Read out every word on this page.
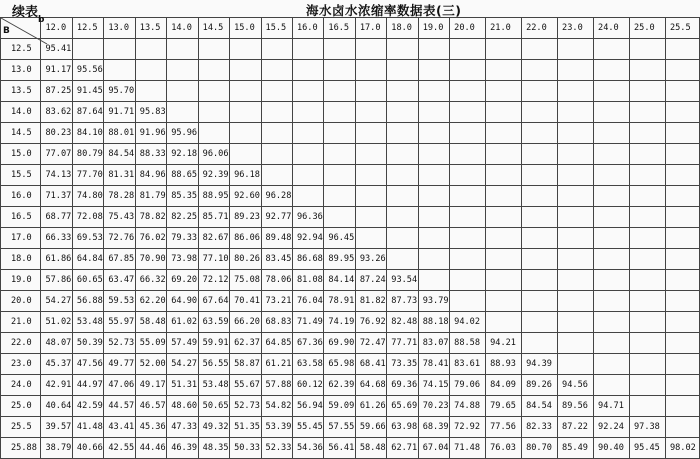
续表	海水卤水浓缩率数据表(三)
b
B	12.0	12.5	13.0	13.5	14.0	14.5	15.0	15.5	16.0	16.5	17.0	18.0	19.0	20.0	21.0	22.0	23.0	24.0	25.0	25.5
12.5	95.41																			
13.0	91.17	95.56																		
13.5	87.25	91.45	95.70																	
14.0	83.62	87.64	91.71	95.83																
14.5	80.23	84.10	88.01	91.96	95.96															
15.0	77.07	80.79	84.54	88.33	92.18	96.06														
15.5	74.13	77.70	81.31	84.96	88.65	92.39	96.18													
16.0	71.37	74.80	78.28	81.79	85.35	88.95	92.60	96.28												
16.5	68.77	72.08	75.43	78.82	82.25	85.71	89.23	92.77	96.36											
17.0	66.33	69.53	72.76	76.02	79.33	82.67	86.06	89.48	92.94	96.45										
18.0	61.86	64.84	67.85	70.90	73.98	77.10	80.26	83.45	86.68	89.95	93.26									
19.0	57.86	60.65	63.47	66.32	69.20	72.12	75.08	78.06	81.08	84.14	87.24	93.54								
20.0	54.27	56.88	59.53	62.20	64.90	67.64	70.41	73.21	76.04	78.91	81.82	87.73	93.79							
21.0	51.02	53.48	55.97	58.48	61.02	63.59	66.20	68.83	71.49	74.19	76.92	82.48	88.18	94.02						
22.0	48.07	50.39	52.73	55.09	57.49	59.91	62.37	64.85	67.36	69.90	72.47	77.71	83.07	88.58	94.21					
23.0	45.37	47.56	49.77	52.00	54.27	56.55	58.87	61.21	63.58	65.98	68.41	73.35	78.41	83.61	88.93	94.39				
24.0	42.91	44.97	47.06	49.17	51.31	53.48	55.67	57.88	60.12	62.39	64.68	69.36	74.15	79.06	84.09	89.26	94.56			
25.0	40.64	42.59	44.57	46.57	48.60	50.65	52.73	54.82	56.94	59.09	61.26	65.69	70.23	74.88	79.65	84.54	89.56	94.71		
25.5	39.57	41.48	43.41	45.36	47.33	49.32	51.35	53.39	55.45	57.55	59.66	63.98	68.39	72.92	77.56	82.33	87.22	92.24	97.38	
25.88	38.79	40.66	42.55	44.46	46.39	48.35	50.33	52.33	54.36	56.41	58.48	62.71	67.04	71.48	76.03	80.70	85.49	90.40	95.45	98.02
